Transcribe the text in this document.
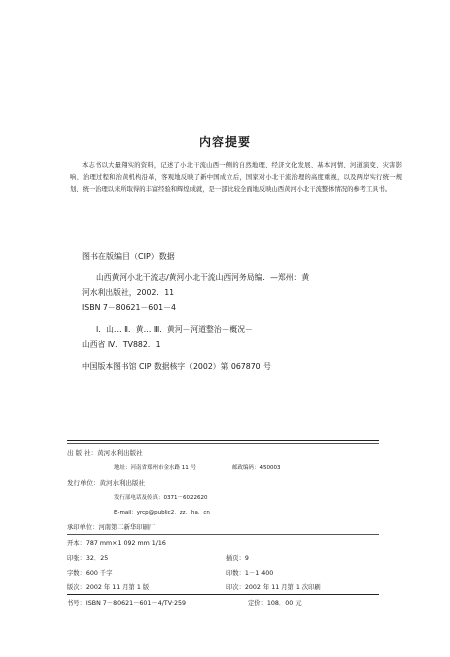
内容提要
本志书以大量翔实的资料，记述了小北干流山西一侧的自然地理、经济文化发展、基本河情、河道演变、灾害影响、治理过程和治黄机构沿革，客观地反映了新中国成立后，国家对小北干流治理的高度重视，以及两岸实行统一规划、统一治理以来所取得的丰富经验和辉煌成就，是一部比较全面地反映山西黄河小北干流整体情况的参考工具书。
图书在版编目（CIP）数据
山西黄河小北干流志/黄河小北干流山西河务局编．—郑州：黄
河水利出版社，2002．11
ISBN 7－80621－601－4
Ⅰ．山… Ⅱ．黄… Ⅲ．黄河－河道整治－概况－
山西省 Ⅳ．TV882．1
中国版本图书馆 CIP 数据核字（2002）第 067870 号
出 版 社：黄河水利出版社
地址：河南省郑州市金水路 11 号	邮政编码：450003
发行单位：黄河水利出版社
发行部电话及传真：0371－6022620
E-mail：yrcp@public2．zz．ha．cn
承印单位：河南第二新华印刷厂
开本：787 mm×1 092 mm 1/16
印张：32．25	插页：9
字数：600 千字	印数：1－1 400
版次：2002 年 11 月第 1 版	印次：2002 年 11 月第 1 次印刷
书号：ISBN 7－80621－601－4/TV·259	定价：108．00 元
